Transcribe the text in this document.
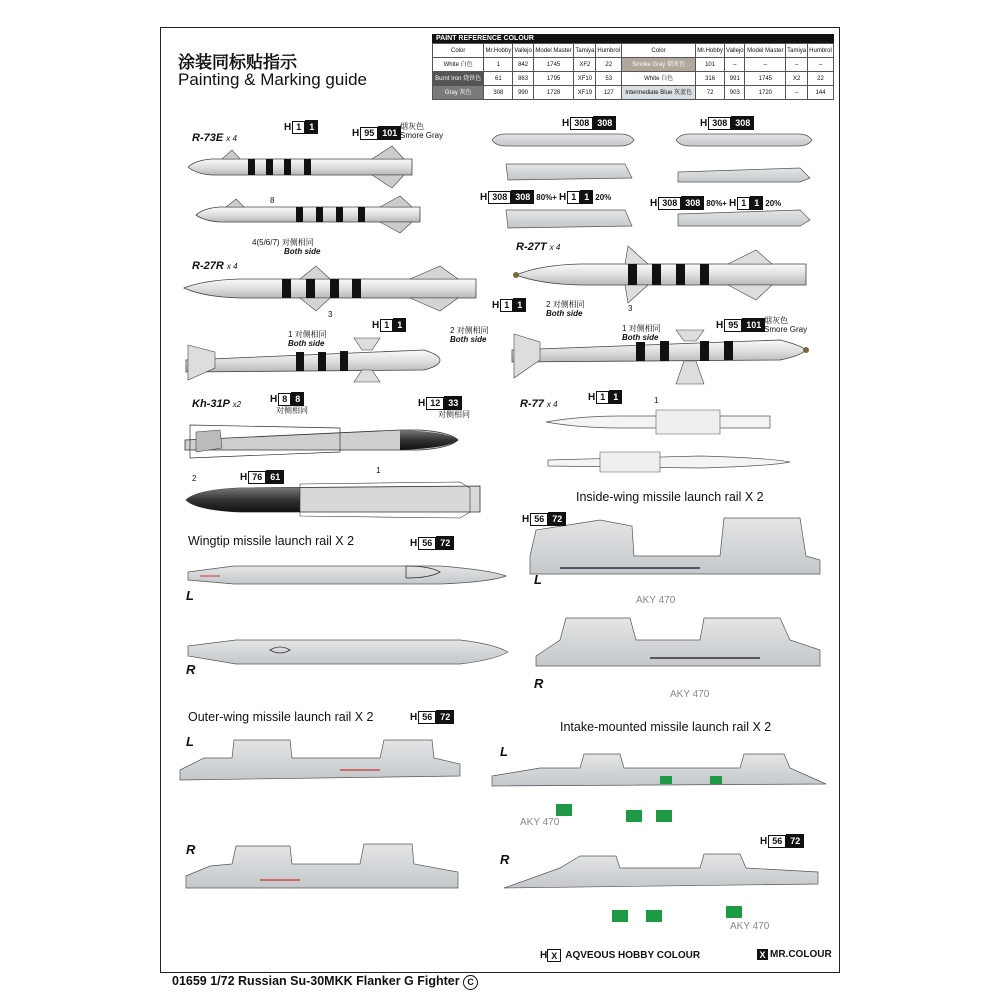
涂装同标贴指示
Painting & Marking guide
PAINT REFERENCE COLOUR
Color	Mr.Hobby	Vallejo	Model Master	Tamiya	Humbrol	Color	Mr.Hobby	Vallejo	Model Master	Tamiya	Humbrol
White 白色	1	842	1745	XF2	22	Smoke Gray 烟灰色	101	–	–	–	–
Burnt Iron 烧铁色	61	863	1795	XF10	53	White 白色	316	991	1745	X2	22
Gray 灰色	308	990	1728	XF19	127	Intermediate Blue 灰蓝色	72	903	1720	–	144
R-73E x 4
R-27R x 4
R-27T x 4
Kh-31P x2	R-77 x 4
H 1 1
H 95 101
烟灰色
Smore Gray
8
4(5/6/7) 对侧相同
Both side
H 1 1
3
1 对侧相同
Both side
2 对侧相同
Both side
H 1 1	2 对侧相同
Both side
3
1 对侧相同
Both side
H 95 101 烟灰色
Smore Gray
H 308 308	H 308 308
H 308 308 80%+ H 1 1 20%
H 308 308 80%+ H 1 1 20%
H 8 8
对侧相同
H 12 33
对侧相同
H 76 61
2
1
H 1 1	1
Wingtip missile launch rail X 2
Inside-wing missile launch rail X 2
Outer-wing missile launch rail X 2
Intake-mounted missile launch rail X 2
H 56 72
H 56 72
H 56 72
H 56 72
L
R
L
R
L
R
L
R
AKY 470
AKY 470
AKY 470
AKY 470
H X AQVEOUS HOBBY COLOUR	X MR.COLOUR
01659 1/72 Russian Su-30MKK Flanker G Fighter C
